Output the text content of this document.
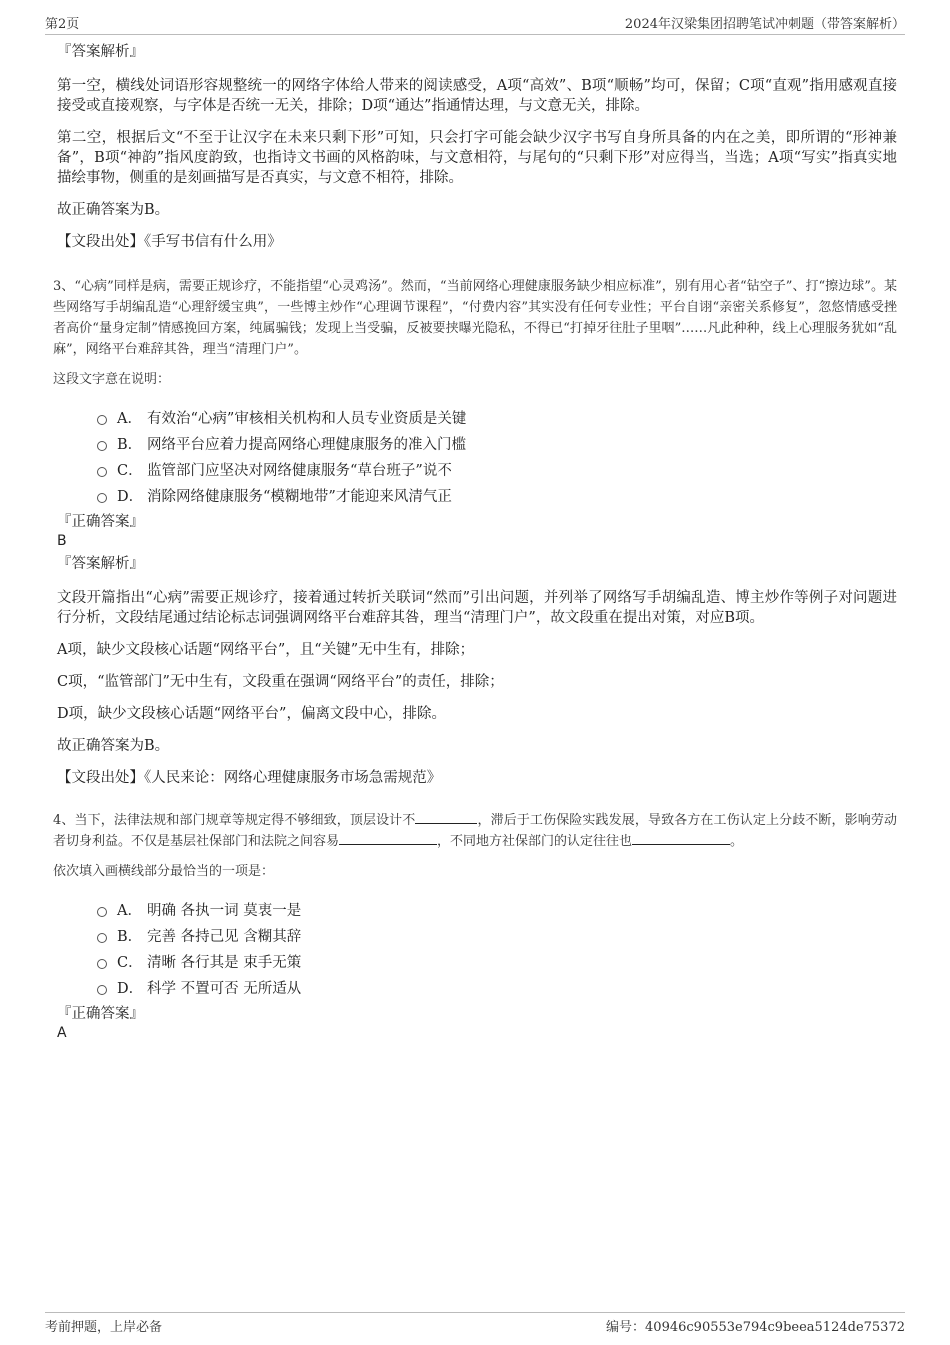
第2页	2024年汉梁集团招聘笔试冲刺题（带答案解析）

『答案解析』

第一空，横线处词语形容规整统一的网络字体给人带来的阅读感受，A项“高效”、B项“顺畅”均可，保留；C项“直观”指用感观直接接受或直接观察，与字体是否统一无关，排除；D项“通达”指通情达理，与文意无关，排除。

第二空，根据后文“不至于让汉字在未来只剩下形”可知，只会打字可能会缺少汉字书写自身所具备的内在之美，即所谓的“形神兼备”，B项“神韵”指风度韵致，也指诗文书画的风格韵味，与文意相符，与尾句的“只剩下形”对应得当，当选；A项“写实”指真实地描绘事物，侧重的是刻画描写是否真实，与文意不相符，排除。

故正确答案为B。

【文段出处】《手写书信有什么用》

3、“心病”同样是病，需要正规诊疗，不能指望“心灵鸡汤”。然而，“当前网络心理健康服务缺少相应标准”，别有用心者“钻空子”、打“擦边球”。某些网络写手胡编乱造“心理舒缓宝典”，一些博主炒作“心理调节课程”，“付费内容”其实没有任何专业性；平台自诩“亲密关系修复”，忽悠情感受挫者高价“量身定制”情感挽回方案，纯属骗钱；发现上当受骗，反被要挟曝光隐私，不得已“打掉牙往肚子里咽”……凡此种种，线上心理服务犹如“乱麻”，网络平台难辞其咎，理当“清理门户”。

这段文字意在说明：

A． 有效治“心病”审核相关机构和人员专业资质是关键
B． 网络平台应着力提高网络心理健康服务的准入门槛
C． 监管部门应坚决对网络健康服务“草台班子”说不
D． 消除网络健康服务“模糊地带”才能迎来风清气正

『正确答案』

B

『答案解析』

文段开篇指出“心病”需要正规诊疗，接着通过转折关联词“然而”引出问题，并列举了网络写手胡编乱造、博主炒作等例子对问题进行分析，文段结尾通过结论标志词强调网络平台难辞其咎，理当“清理门户”，故文段重在提出对策，对应B项。

A项，缺少文段核心话题“网络平台”，且“关键”无中生有，排除；

C项，“监管部门”无中生有，文段重在强调“网络平台”的责任，排除；

D项，缺少文段核心话题“网络平台”，偏离文段中心，排除。

故正确答案为B。

【文段出处】《人民来论：网络心理健康服务市场急需规范》

4、当下，法律法规和部门规章等规定得不够细致，顶层设计不	，滞后于工伤保险实践发展，导致各方在工伤认定上分歧不断，影响劳动者切身利益。不仅是基层社保部门和法院之间容易	，不同地方社保部门的认定往往也	。

依次填入画横线部分最恰当的一项是：

A． 明确 各执一词 莫衷一是
B． 完善 各持己见 含糊其辞
C． 清晰 各行其是 束手无策
D． 科学 不置可否 无所适从

『正确答案』

A

考前押题，上岸必备	编号：40946c90553e794c9beea5124de75372
